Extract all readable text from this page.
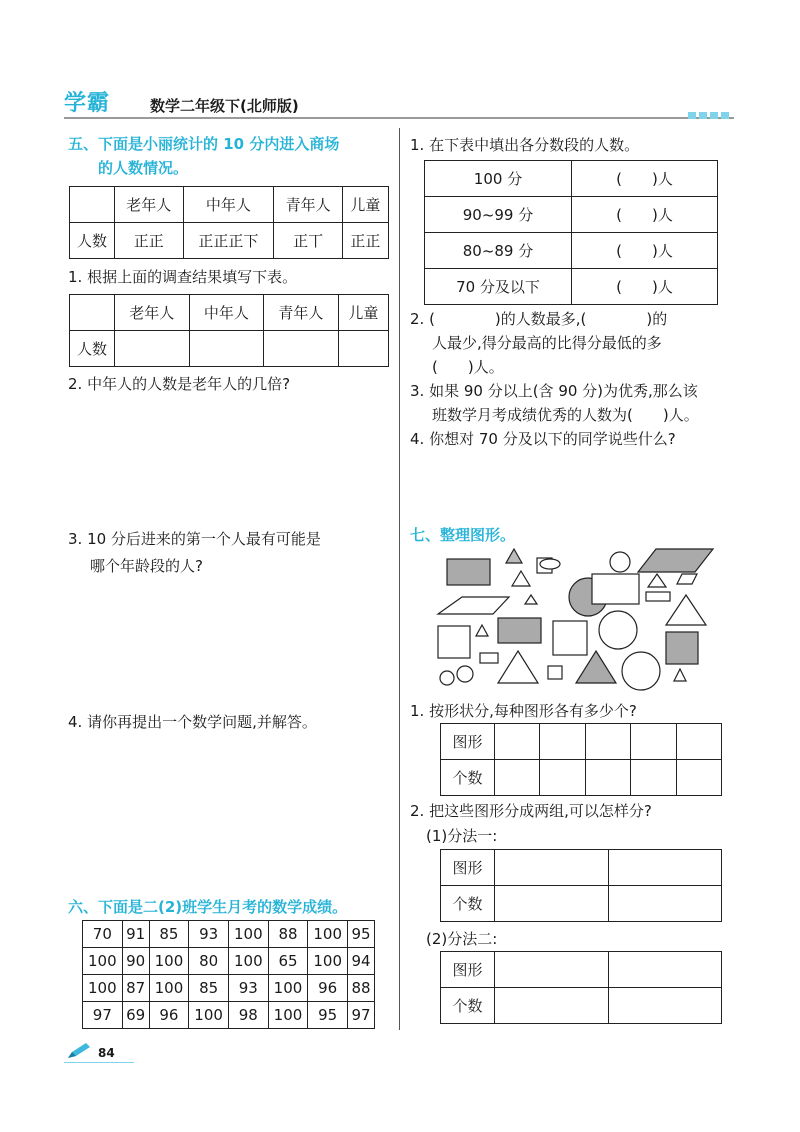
学霸	数学二年级下(北师版)
五、下面是小丽统计的 10 分内进入商场
的人数情况。
	老年人	中年人	青年人	儿童
人数	正正	正正正下	正丅	正正
1. 根据上面的调查结果填写下表。
	老年人	中年人	青年人	儿童
人数				
2. 中年人的人数是老年人的几倍?
3. 10 分后进来的第一个人最有可能是
哪个年龄段的人?
4. 请你再提出一个数学问题,并解答。
六、下面是二(2)班学生月考的数学成绩。
70	91	85	93	100	88	100	95
100	90	100	80	100	65	100	94
100	87	100	85	93	100	96	88
97	69	96	100	98	100	95	97
1. 在下表中填出各分数段的人数。
100 分	(　　)人
90~99 分	(　　)人
80~89 分	(　　)人
70 分及以下	(　　)人
2. (　　　　)的人数最多,(　　　　)的
人最少,得分最高的比得分最低的多
(　　)人。
3. 如果 90 分以上(含 90 分)为优秀,那么该
班数学月考成绩优秀的人数为(　　)人。
4. 你想对 70 分及以下的同学说些什么?
七、整理图形。
1. 按形状分,每种图形各有多少个?
图形					
个数					
2. 把这些图形分成两组,可以怎样分?
(1)分法一:
图形		
个数		
(2)分法二:
图形		
个数		
84
